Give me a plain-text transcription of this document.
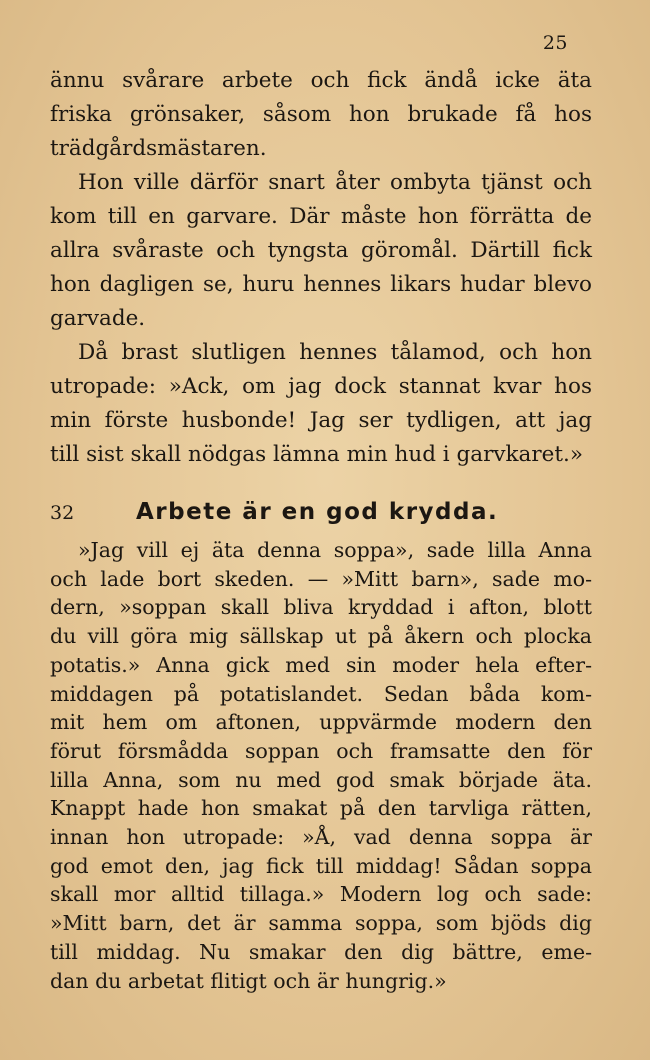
25
ännu svårare arbete och fick ändå icke äta
friska grönsaker, såsom hon brukade få hos
trädgårdsmästaren.
Hon ville därför snart åter ombyta tjänst och
kom till en garvare. Där måste hon förrätta de
allra svåraste och tyngsta göromål. Därtill fick
hon dagligen se, huru hennes likars hudar blevo
garvade.
Då brast slutligen hennes tålamod, och hon
utropade: »Ack, om jag dock stannat kvar hos
min förste husbonde! Jag ser tydligen, att jag
till sist skall nödgas lämna min hud i garvkaret.»
32	Arbete är en god krydda.
»Jag vill ej äta denna soppa», sade lilla Anna
och lade bort skeden. — »Mitt barn», sade mo-
dern, »soppan skall bliva kryddad i afton, blott
du vill göra mig sällskap ut på åkern och plocka
potatis.» Anna gick med sin moder hela efter-
middagen på potatislandet. Sedan båda kom-
mit hem om aftonen, uppvärmde modern den
förut försmådda soppan och framsatte den för
lilla Anna, som nu med god smak började äta.
Knappt hade hon smakat på den tarvliga rätten,
innan hon utropade: »Å, vad denna soppa är
god emot den, jag fick till middag! Sådan soppa
skall mor alltid tillaga.» Modern log och sade:
»Mitt barn, det är samma soppa, som bjöds dig
till middag. Nu smakar den dig bättre, eme-
dan du arbetat flitigt och är hungrig.»
